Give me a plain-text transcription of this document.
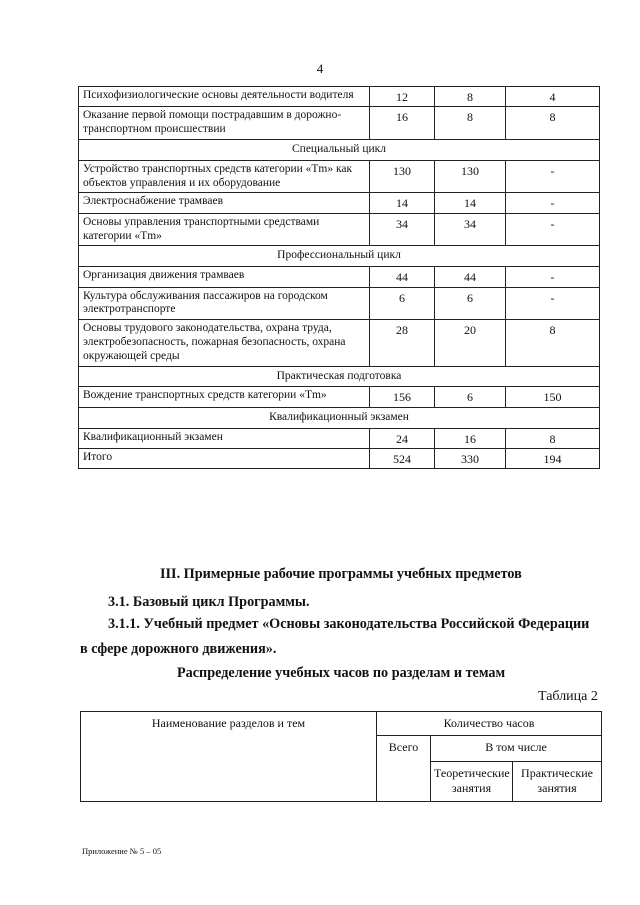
4
Психофизиологические основы деятельности водителя	12	8	4
Оказание первой помощи пострадавшим в дорожно-транспортном происшествии	16	8	8
Специальный цикл			
Устройство транспортных средств категории «Tm» как объектов управления и их оборудование	130	130	-
Электроснабжение трамваев	14	14	-
Основы управления транспортными средствами категории «Tm»	34	34	-
Профессиональный цикл			
Организация движения трамваев	44	44	-
Культура обслуживания пассажиров на городском электротранспорте	6	6	-
Основы трудового законодательства, охрана труда, электробезопасность, пожарная безопасность, охрана окружающей среды	28	20	8
Практическая подготовка			
Вождение транспортных средств категории «Tm»	156	6	150
Квалификационный экзамен			
Квалификационный экзамен	24	16	8
Итого	524	330	194
III. Примерные рабочие программы учебных предметов
3.1. Базовый цикл Программы.
3.1.1. Учебный предмет «Основы законодательства Российской Федерации
в сфере дорожного движения».
Распределение учебных часов по разделам и темам
Таблица 2
Наименование разделов и тем	Количество часов		
	Всего	В том числе	
		Теоретические занятия	Практические занятия
Приложение № 5 – 05
